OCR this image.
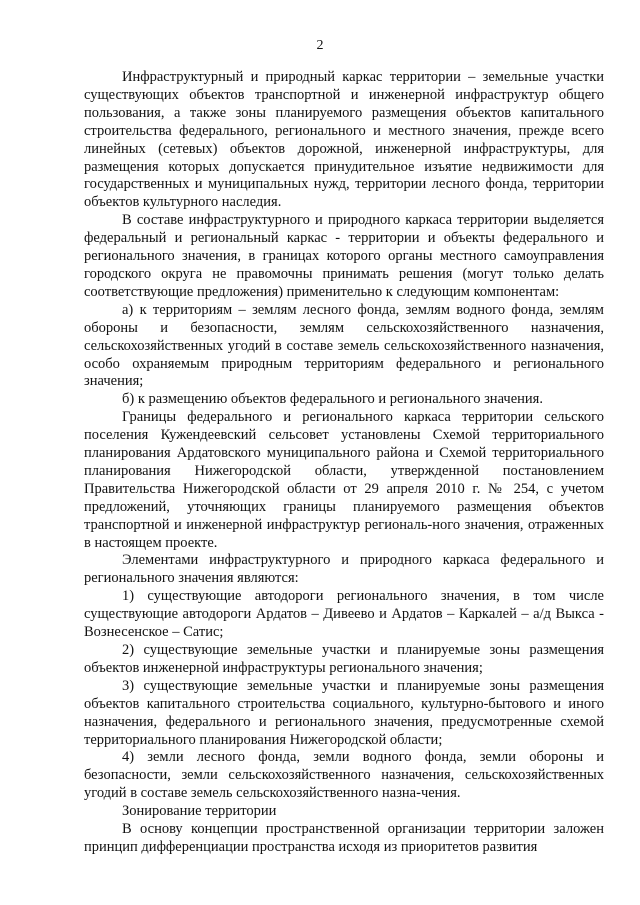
2

Инфраструктурный и природный каркас территории – земельные участки существующих объектов транспортной и инженерной инфраструктур общего пользования, а также зоны планируемого размещения объектов капитального строительства федерального, регионального и местного значения, прежде всего линейных (сетевых) объектов дорожной, инженерной инфраструктуры, для размещения которых допускается принудительное изъятие недвижимости для государственных и муниципальных нужд, территории лесного фонда, территории объектов культурного наследия.

В составе инфраструктурного и природного каркаса территории выделяется федеральный и региональный каркас - территории и объекты федерального и регионального значения, в границах которого органы местного самоуправления городского округа не правомочны принимать решения (могут только делать соответствующие предложения) применительно к следующим компонентам:

а) к территориям – землям лесного фонда, землям водного фонда, землям обороны и безопасности, землям сельскохозяйственного назначения, сельскохозяйственных угодий в составе земель сельскохозяйственного назначения, особо охраняемым природным территориям федерального и регионального значения;

б) к размещению объектов федерального и регионального значения.

Границы федерального и регионального каркаса территории сельского поселения Кужендеевский сельсовет установлены Схемой территориального планирования Ардатовского муниципального района и Схемой территориального планирования Нижегородской области, утвержденной постановлением Правительства Нижегородской области от 29 апреля 2010 г. № 254, с учетом предложений, уточняющих границы планируемого размещения объектов транспортной и инженерной инфраструктур региональ-ного значения, отраженных в настоящем проекте.

Элементами инфраструктурного и природного каркаса федерального и регионального значения являются:

1) существующие автодороги регионального значения, в том числе существующие автодороги Ардатов – Дивеево и Ардатов – Каркалей – а/д Выкса - Вознесенское – Сатис;

2) существующие земельные участки и планируемые зоны размещения объектов инженерной инфраструктуры регионального значения;

3) существующие земельные участки и планируемые зоны размещения объектов капитального строительства социального, культурно-бытового и иного назначения, федерального и регионального значения, предусмотренные схемой территориального планирования Нижегородской области;

4) земли лесного фонда, земли водного фонда, земли обороны и безопасности, земли сельскохозяйственного назначения, сельскохозяйственных угодий в составе земель сельскохозяйственного назна-чения.

Зонирование территории

В основу концепции пространственной организации территории заложен принцип дифференциации пространства исходя из приоритетов развития
